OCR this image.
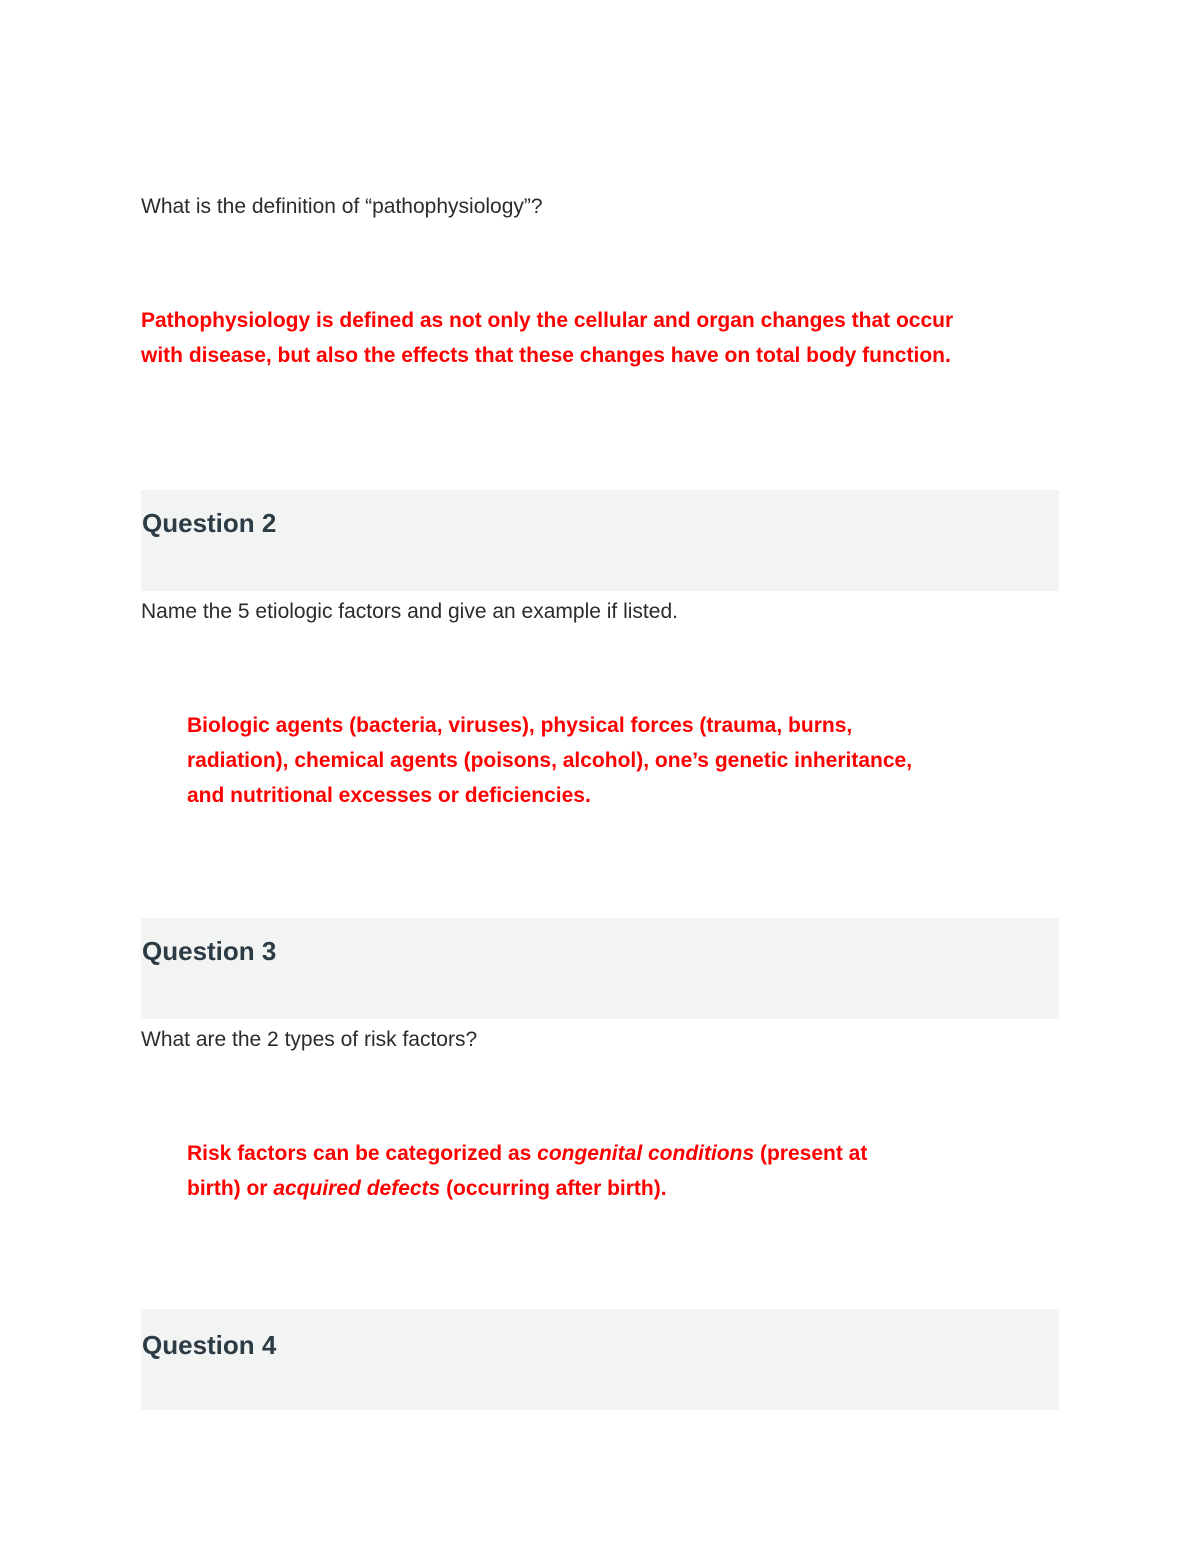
What is the definition of “pathophysiology”?

Pathophysiology is defined as not only the cellular and organ changes that occur

with disease, but also the effects that these changes have on total body function.

Question 2

Name the 5 etiologic factors and give an example if listed.

Biologic agents (bacteria, viruses), physical forces (trauma, burns,

radiation), chemical agents (poisons, alcohol), one’s genetic inheritance,

and nutritional excesses or deficiencies.

Question 3

What are the 2 types of risk factors?

Risk factors can be categorized as congenital conditions (present at

birth) or acquired defects (occurring after birth).

Question 4
